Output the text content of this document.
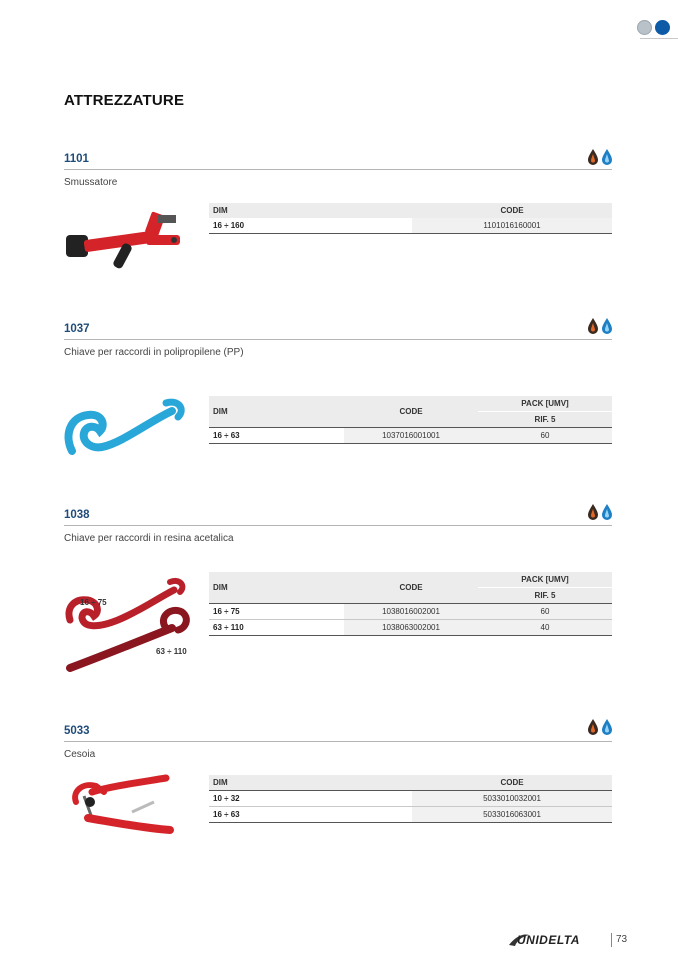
ATTREZZATURE
1101
Smussatore
DIM	CODE
16 ÷ 160	1101016160001
1037
Chiave per raccordi in polipropilene (PP)
DIM	CODE	PACK [UMV]
		RIF. 5
16 ÷ 63	1037016001001	60
1038
Chiave per raccordi in resina acetalica
16 ÷ 75
63 ÷ 110
DIM	CODE	PACK [UMV]
		RIF. 5
16 ÷ 75	1038016002001	60
63 ÷ 110	1038063002001	40
5033
Cesoia
DIM	CODE
10 ÷ 32	5033010032001
16 ÷ 63	5033016063001
UNIDELTA	73
